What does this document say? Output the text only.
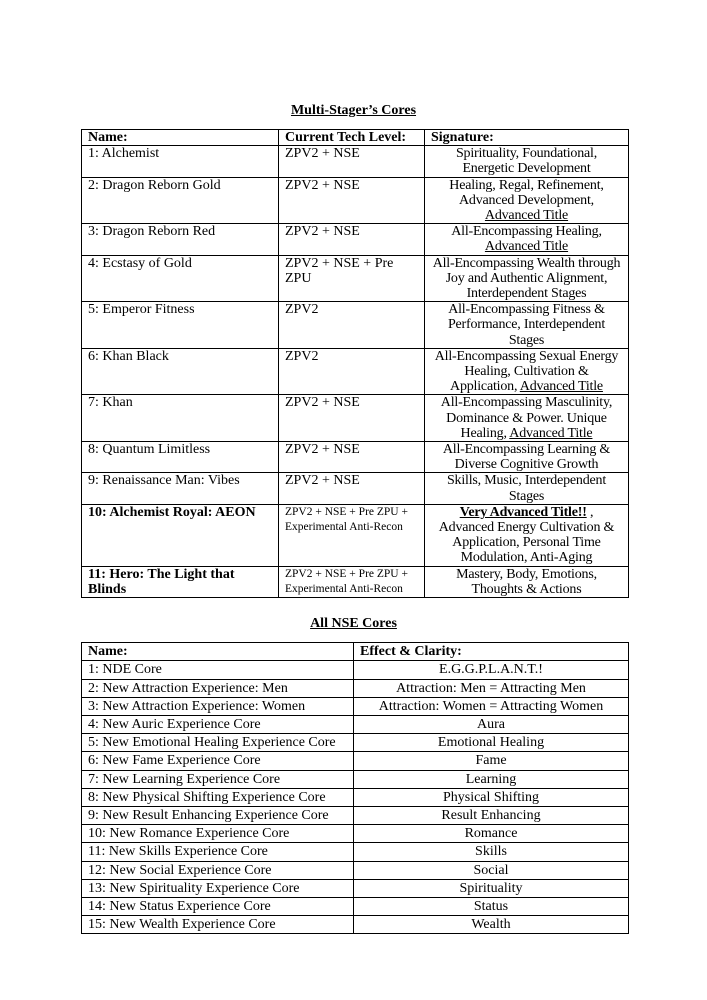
Multi-Stager’s Cores
Name:	Current Tech Level:	Signature:
1: Alchemist	ZPV2 + NSE	Spirituality, Foundational, Energetic Development
2: Dragon Reborn Gold	ZPV2 + NSE	Healing, Regal, Refinement, Advanced Development, Advanced Title
3: Dragon Reborn Red	ZPV2 + NSE	All-Encompassing Healing, Advanced Title
4: Ecstasy of Gold	ZPV2 + NSE + Pre ZPU	All-Encompassing Wealth through Joy and Authentic Alignment, Interdependent Stages
5: Emperor Fitness	ZPV2	All-Encompassing Fitness & Performance, Interdependent Stages
6: Khan Black	ZPV2	All-Encompassing Sexual Energy Healing, Cultivation & Application, Advanced Title
7: Khan	ZPV2 + NSE	All-Encompassing Masculinity, Dominance & Power. Unique Healing, Advanced Title
8: Quantum Limitless	ZPV2 + NSE	All-Encompassing Learning & Diverse Cognitive Growth
9: Renaissance Man: Vibes	ZPV2 + NSE	Skills, Music, Interdependent Stages
10: Alchemist Royal: AEON	ZPV2 + NSE + Pre ZPU + Experimental Anti-Recon	Very Advanced Title!! , Advanced Energy Cultivation & Application, Personal Time Modulation, Anti-Aging
11: Hero: The Light that Blinds	ZPV2 + NSE + Pre ZPU + Experimental Anti-Recon	Mastery, Body, Emotions, Thoughts & Actions
All NSE Cores
Name:	Effect & Clarity:
1: NDE Core	E.G.G.P.L.A.N.T.!
2: New Attraction Experience: Men	Attraction: Men = Attracting Men
3: New Attraction Experience: Women	Attraction: Women = Attracting Women
4: New Auric Experience Core	Aura
5: New Emotional Healing Experience Core	Emotional Healing
6: New Fame Experience Core	Fame
7: New Learning Experience Core	Learning
8: New Physical Shifting Experience Core	Physical Shifting
9: New Result Enhancing Experience Core	Result Enhancing
10: New Romance Experience Core	Romance
11: New Skills Experience Core	Skills
12: New Social Experience Core	Social
13: New Spirituality Experience Core	Spirituality
14: New Status Experience Core	Status
15: New Wealth Experience Core	Wealth
